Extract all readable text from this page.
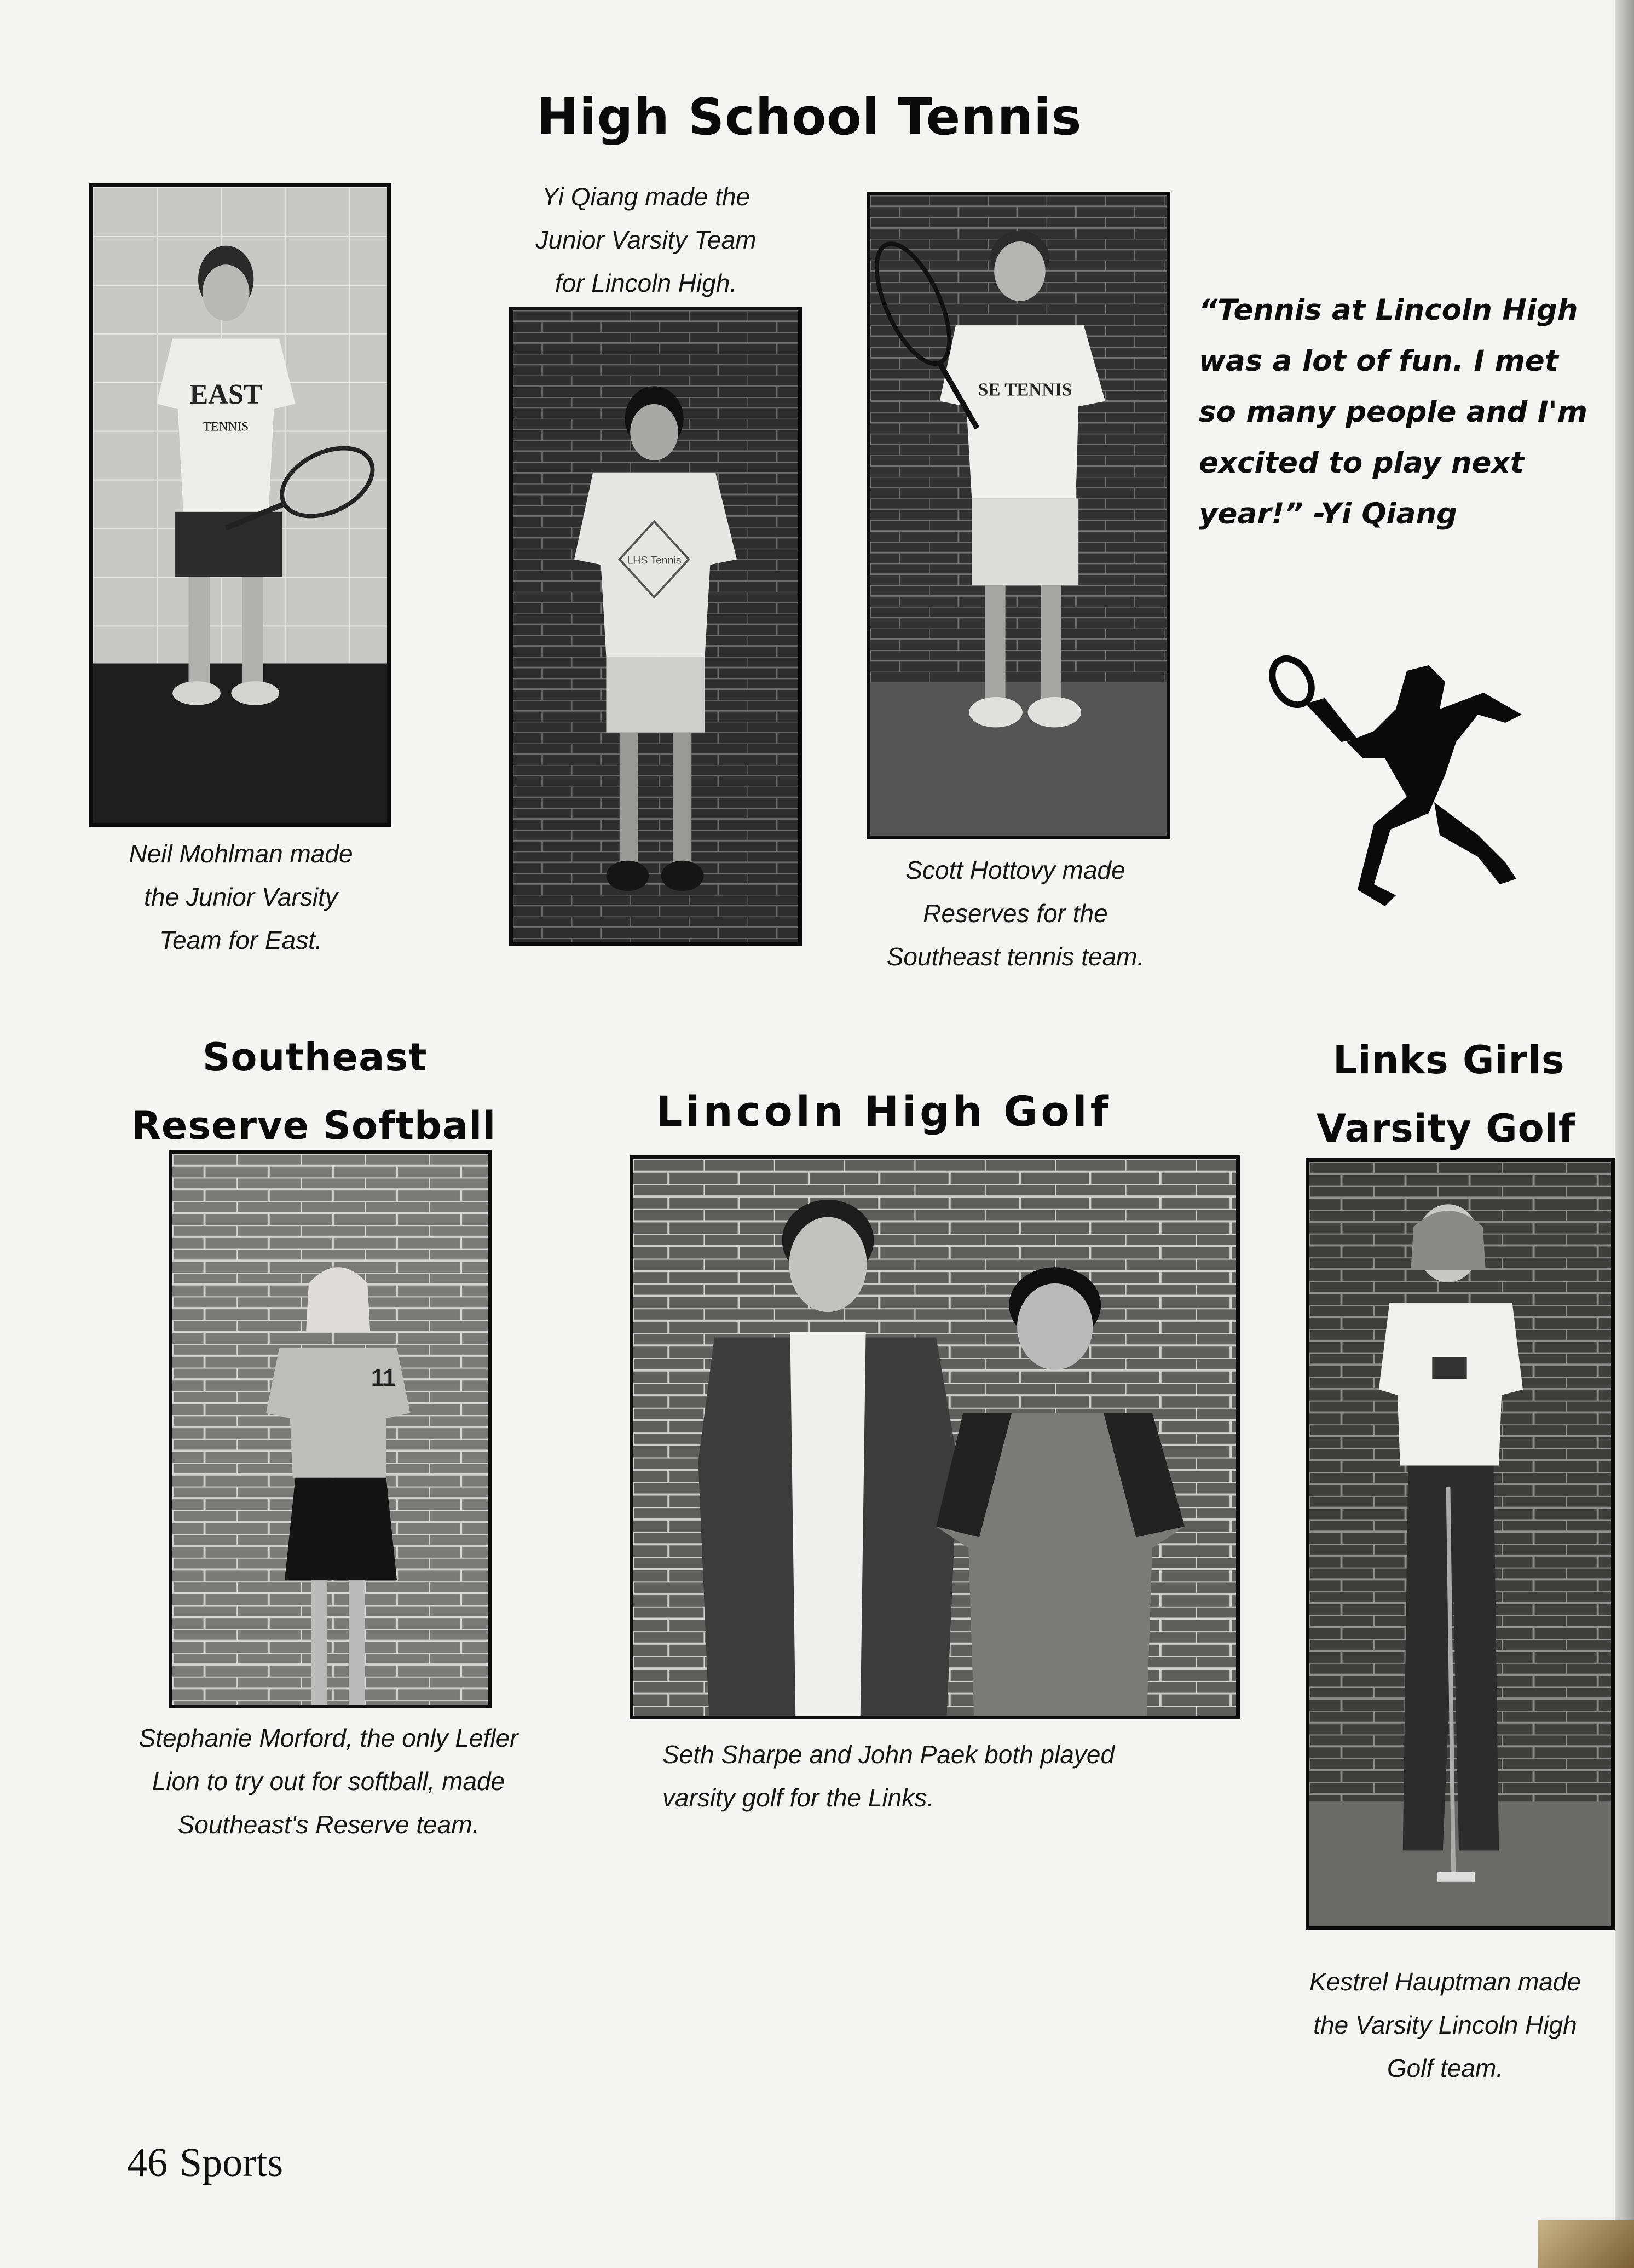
High School Tennis
EAST
TENNIS
Neil Mohlman made
the Junior Varsity
Team for East.
Yi Qiang made the
Junior Varsity Team
for Lincoln High.
LHS Tennis
SE TENNIS
Scott Hottovy made
Reserves for the
Southeast tennis team.
“Tennis at Lincoln High
was a lot of fun. I met
so many people and I'm
excited to play next
year!” -Yi Qiang
Southeast
Reserve Softball
11
Stephanie Morford, the only Lefler
Lion to try out for softball, made
Southeast's Reserve team.
Lincoln High Golf
Seth Sharpe and John Paek both played
varsity golf for the Links.
Links Girls
Varsity Golf
Kestrel Hauptman made
the Varsity Lincoln High
Golf team.
46 Sports
